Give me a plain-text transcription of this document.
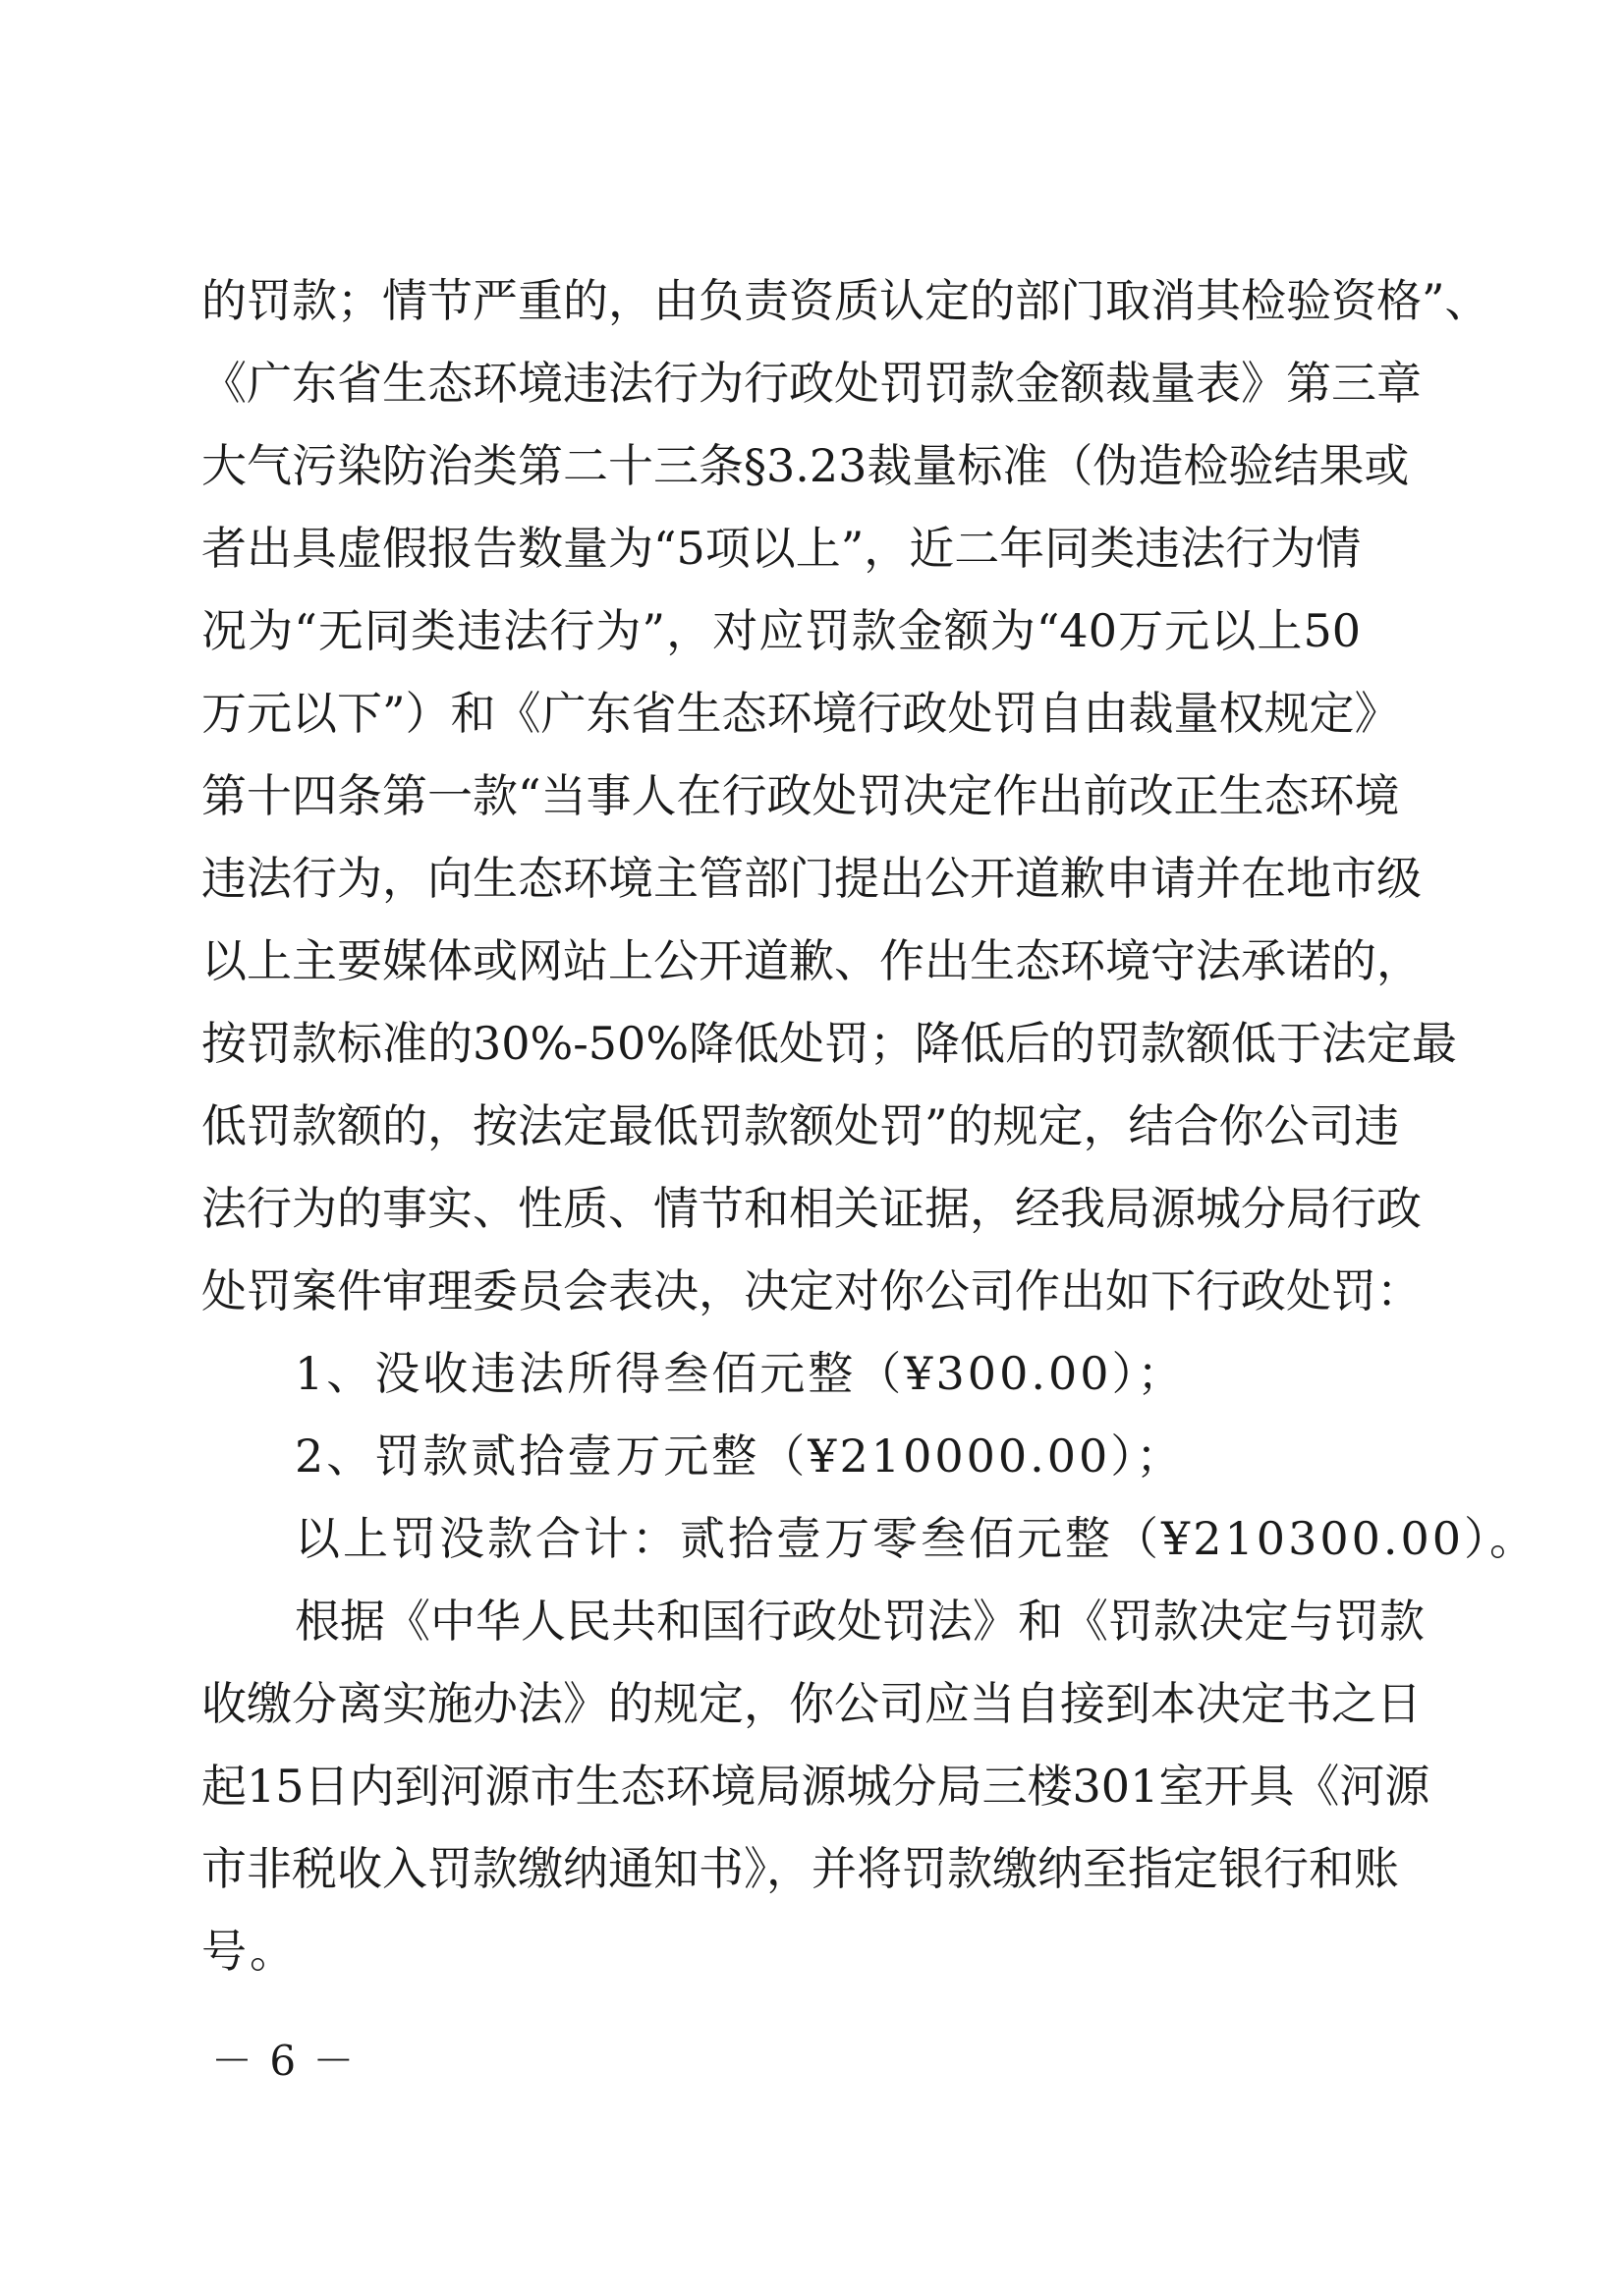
的罚款；情节严重的，由负责资质认定的部门取消其检验资格”、
《广东省生态环境违法行为行政处罚罚款金额裁量表》第三章
大气污染防治类第二十三条§3.23裁量标准（伪造检验结果或
者出具虚假报告数量为“5项以上”，近二年同类违法行为情
况为“无同类违法行为”，对应罚款金额为“40万元以上50
万元以下”）和《广东省生态环境行政处罚自由裁量权规定》
第十四条第一款“当事人在行政处罚决定作出前改正生态环境
违法行为，向生态环境主管部门提出公开道歉申请并在地市级
以上主要媒体或网站上公开道歉、作出生态环境守法承诺的，
按罚款标准的30%-50%降低处罚；降低后的罚款额低于法定最
低罚款额的，按法定最低罚款额处罚”的规定，结合你公司违
法行为的事实、性质、情节和相关证据，经我局源城分局行政
处罚案件审理委员会表决，决定对你公司作出如下行政处罚：
1、没收违法所得叁佰元整（¥300.00）；
2、罚款贰拾壹万元整（¥210000.00）；
以上罚没款合计：贰拾壹万零叁佰元整（¥210300.00）。
根据《中华人民共和国行政处罚法》和《罚款决定与罚款
收缴分离实施办法》的规定，你公司应当自接到本决定书之日
起15日内到河源市生态环境局源城分局三楼301室开具《河源
市非税收入罚款缴纳通知书》，并将罚款缴纳至指定银行和账
号。
－ 6 －
